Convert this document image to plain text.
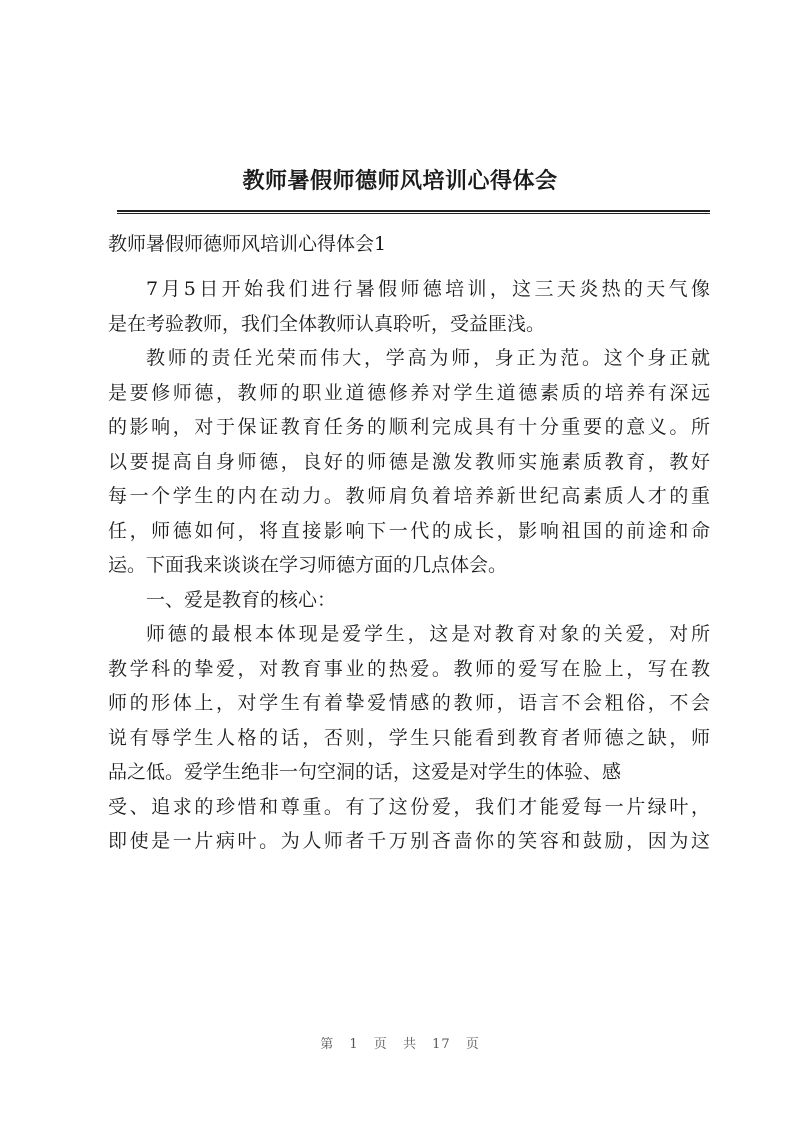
教师暑假师德师风培训心得体会

教师暑假师德师风培训心得体会1

7月5日开始我们进行暑假师德培训，这三天炎热的天气像
是在考验教师，我们全体教师认真聆听，受益匪浅。
教师的责任光荣而伟大，学高为师，身正为范。这个身正就
是要修师德，教师的职业道德修养对学生道德素质的培养有深远
的影响，对于保证教育任务的顺利完成具有十分重要的意义。所
以要提高自身师德，良好的师德是激发教师实施素质教育，教好
每一个学生的内在动力。教师肩负着培养新世纪高素质人才的重
任，师德如何，将直接影响下一代的成长，影响祖国的前途和命
运。下面我来谈谈在学习师德方面的几点体会。
一、爱是教育的核心：
师德的最根本体现是爱学生，这是对教育对象的关爱，对所
教学科的挚爱，对教育事业的热爱。教师的爱写在脸上，写在教
师的形体上，对学生有着挚爱情感的教师，语言不会粗俗，不会
说有辱学生人格的话，否则，学生只能看到教育者师德之缺，师
品之低。爱学生绝非一句空洞的话，这爱是对学生的体验、感
受、追求的珍惜和尊重。有了这份爱，我们才能爱每一片绿叶，
即使是一片病叶。为人师者千万别吝啬你的笑容和鼓励，因为这
第 1 页 共 17 页
